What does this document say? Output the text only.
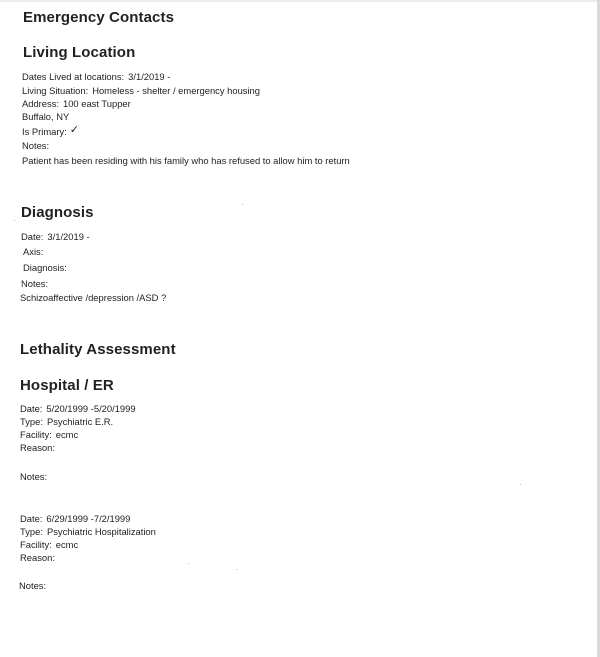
Emergency Contacts
Living Location
Dates Lived at locations: 3/1/2019 -
Living Situation: Homeless - shelter / emergency housing
Address: 100 east Tupper
Buffalo, NY
Is Primary: ✓
Notes:
Patient has been residing with his family who has refused to allow him to return
Diagnosis
Date: 3/1/2019 -
Axis:
Diagnosis:
Notes:
Schizoaffective /depression /ASD ?
Lethality Assessment
Hospital / ER
Date: 5/20/1999 -5/20/1999
Type: Psychiatric E.R.
Facility: ecmc
Reason:
Notes:
Date: 6/29/1999 -7/2/1999
Type: Psychiatric Hospitalization
Facility: ecmc
Reason:
Notes:
